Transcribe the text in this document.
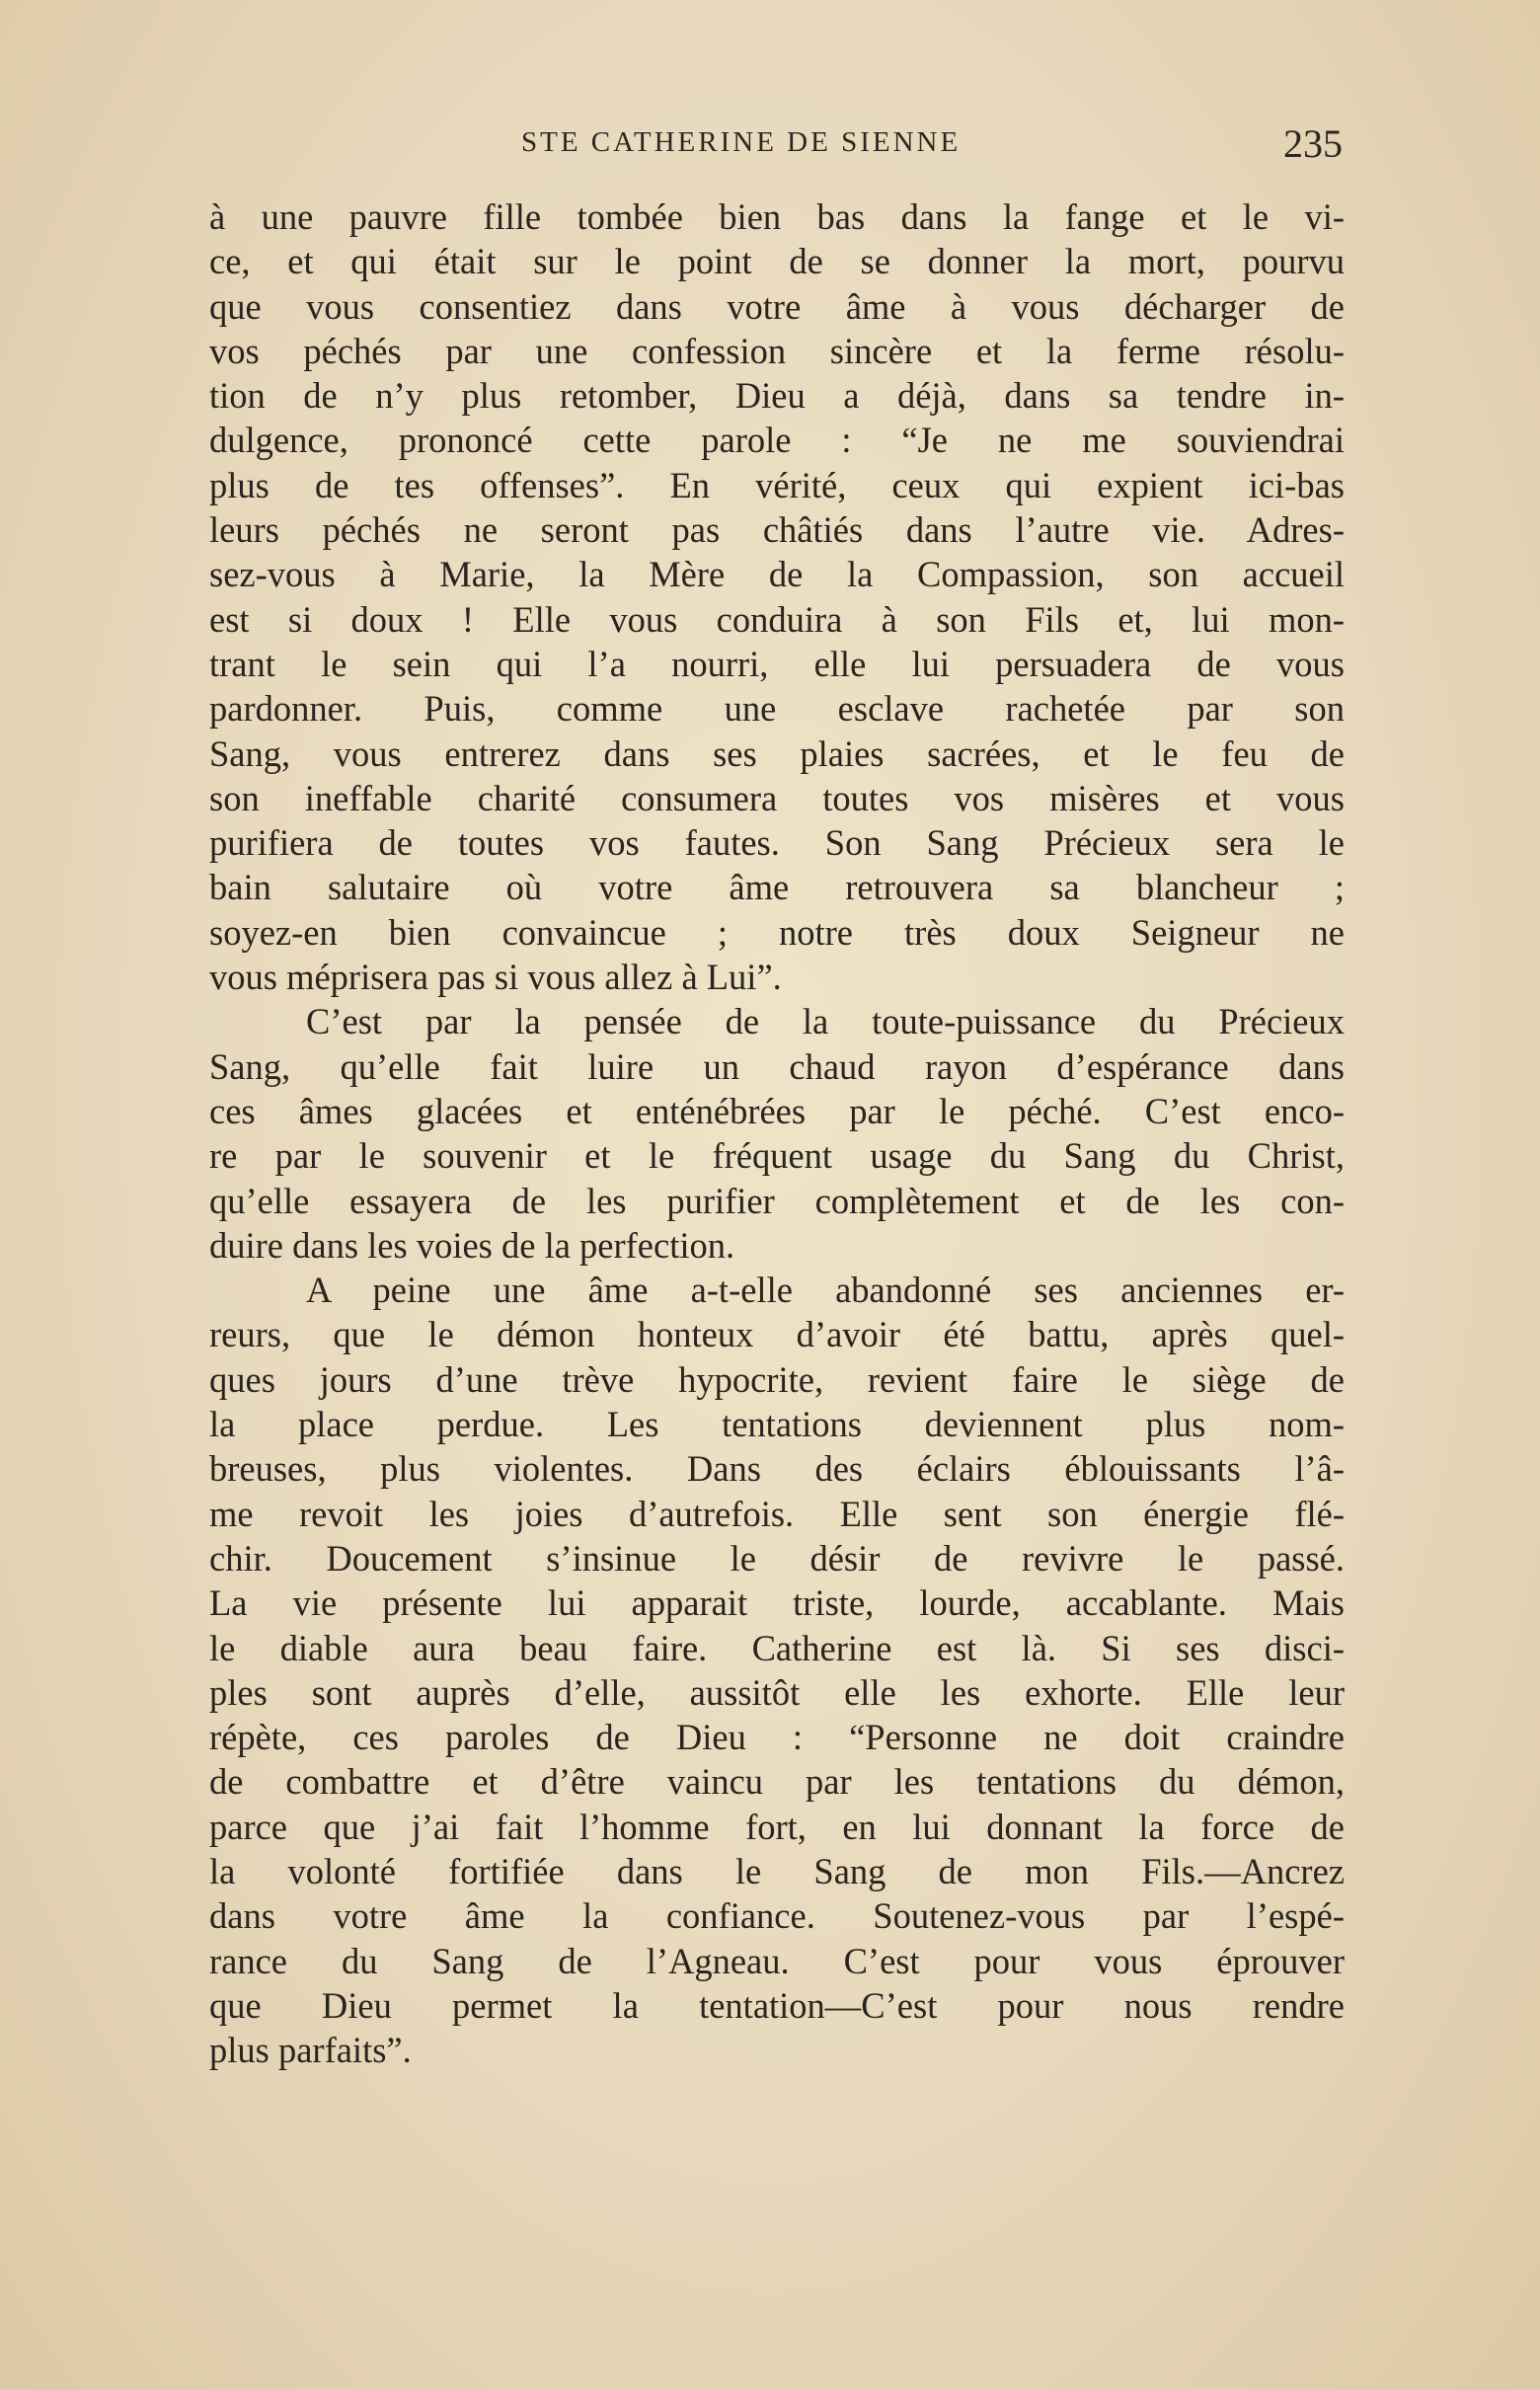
STE CATHERINE DE SIENNE	235
à une pauvre fille tombée bien bas dans la fange et le vi-
ce, et qui était sur le point de se donner la mort, pourvu
que vous consentiez dans votre âme à vous décharger de
vos péchés par une confession sincère et la ferme résolu-
tion de n’y plus retomber, Dieu a déjà, dans sa tendre in-
dulgence, prononcé cette parole : “Je ne me souviendrai
plus de tes offenses”. En vérité, ceux qui expient ici-bas
leurs péchés ne seront pas châtiés dans l’autre vie. Adres-
sez-vous à Marie, la Mère de la Compassion, son accueil
est si doux ! Elle vous conduira à son Fils et, lui mon-
trant le sein qui l’a nourri, elle lui persuadera de vous
pardonner. Puis, comme une esclave rachetée par son
Sang, vous entrerez dans ses plaies sacrées, et le feu de
son ineffable charité consumera toutes vos misères et vous
purifiera de toutes vos fautes. Son Sang Précieux sera le
bain salutaire où votre âme retrouvera sa blancheur ;
soyez-en bien convaincue ; notre très doux Seigneur ne
vous méprisera pas si vous allez à Lui”.
C’est par la pensée de la toute-puissance du Précieux
Sang, qu’elle fait luire un chaud rayon d’espérance dans
ces âmes glacées et enténébrées par le péché. C’est enco-
re par le souvenir et le fréquent usage du Sang du Christ,
qu’elle essayera de les purifier complètement et de les con-
duire dans les voies de la perfection.
A peine une âme a-t-elle abandonné ses anciennes er-
reurs, que le démon honteux d’avoir été battu, après quel-
ques jours d’une trève hypocrite, revient faire le siège de
la place perdue. Les tentations deviennent plus nom-
breuses, plus violentes. Dans des éclairs éblouissants l’â-
me revoit les joies d’autrefois. Elle sent son énergie flé-
chir. Doucement s’insinue le désir de revivre le passé.
La vie présente lui apparait triste, lourde, accablante. Mais
le diable aura beau faire. Catherine est là. Si ses disci-
ples sont auprès d’elle, aussitôt elle les exhorte. Elle leur
répète, ces paroles de Dieu : “Personne ne doit craindre
de combattre et d’être vaincu par les tentations du démon,
parce que j’ai fait l’homme fort, en lui donnant la force de
la volonté fortifiée dans le Sang de mon Fils.—Ancrez
dans votre âme la confiance. Soutenez-vous par l’espé-
rance du Sang de l’Agneau. C’est pour vous éprouver
que Dieu permet la tentation—C’est pour nous rendre
plus parfaits”.
